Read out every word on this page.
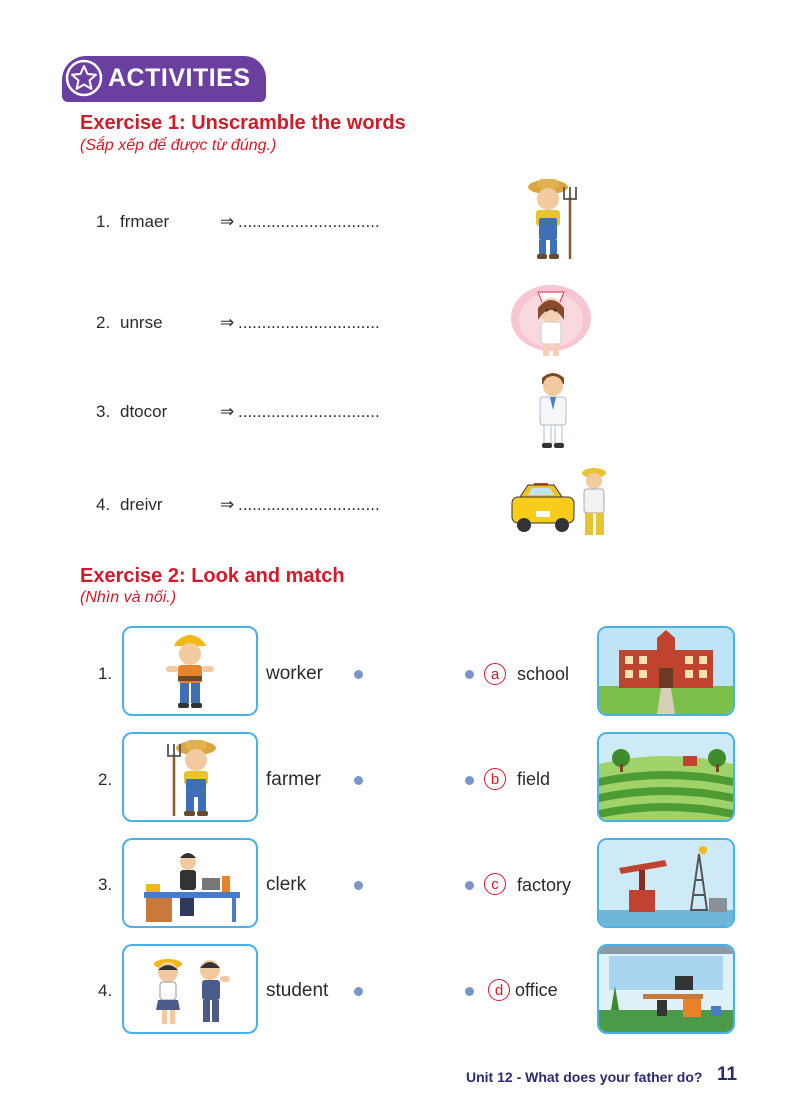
ACTIVITIES
Exercise 1: Unscramble the words
(Sắp xếp để được từ đúng.)
1. frmaer	⇒ ..............................
2. unrse	⇒ ..............................
3. dtocor	⇒ ..............................
4. dreivr	⇒ ..............................
Exercise 2: Look and match
(Nhìn và nối.)
1.	worker	a school
2.	farmer	b field
3.	clerk	c	factory
4.	student	d office
Unit 12 - What does your father do? 11
